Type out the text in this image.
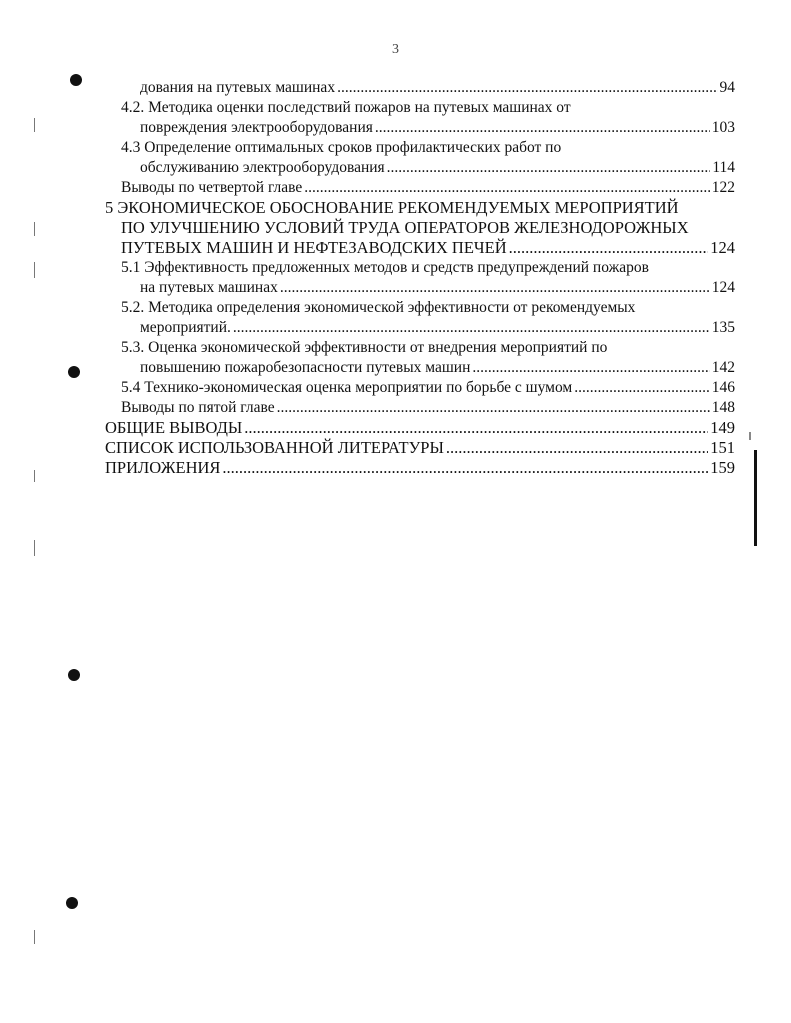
3
дования на путевых машинах .....	94
4.2. Методика оценки последствий пожаров на путевых машинах от
повреждения электрооборудования .....	103
4.3 Определение оптимальных сроков профилактических работ по
обслуживанию электрооборудования .....	114
Выводы по четвертой главе .....	122
5 ЭКОНОМИЧЕСКОЕ ОБОСНОВАНИЕ РЕКОМЕНДУЕМЫХ МЕРОПРИЯТИЙ
ПО УЛУЧШЕНИЮ УСЛОВИЙ ТРУДА ОПЕРАТОРОВ ЖЕЛЕЗНОДОРОЖНЫХ
ПУТЕВЫХ МАШИН И НЕФТЕЗАВОДСКИХ ПЕЧЕЙ .....	124
5.1 Эффективность предложенных методов и средств предупреждений пожаров
на путевых машинах .....	124
5.2. Методика определения экономической эффективности от рекомендуемых
мероприятий. .....	135
5.3. Оценка экономической эффективности от внедрения мероприятий по
повышению пожаробезопасности путевых машин .....	142
5.4 Технико-экономическая оценка мероприятии по борьбе с шумом .....	146
Выводы по пятой главе .....	148
ОБЩИЕ ВЫВОДЫ .....	149
СПИСОК ИСПОЛЬЗОВАННОЙ ЛИТЕРАТУРЫ .....	151
ПРИЛОЖЕНИЯ .....	159
